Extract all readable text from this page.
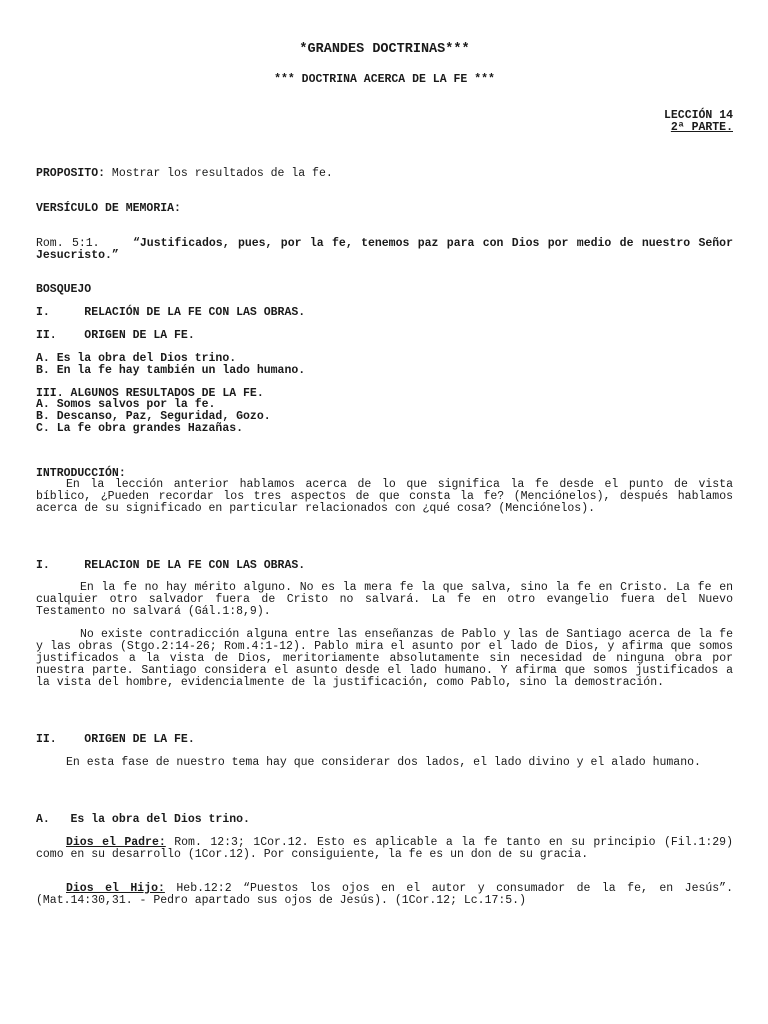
*GRANDES DOCTRINAS***
*** DOCTRINA ACERCA DE LA FE ***
LECCIÓN 14
2ª PARTE.
PROPOSITO: Mostrar los resultados de la fe.
VERSÍCULO DE MEMORIA:
Rom. 5:1.	“Justificados, pues, por la fe, tenemos paz para con Dios por medio de nuestro Señor Jesucristo.”
BOSQUEJO
I.     RELACIÓN DE LA FE CON LAS OBRAS.
II.    ORIGEN DE LA FE.
A. Es la obra del Dios trino.
B. En la fe hay también un lado humano.
III. ALGUNOS RESULTADOS DE LA FE.
A. Somos salvos por la fe.
B. Descanso, Paz, Seguridad, Gozo.
C. La fe obra grandes Hazañas.
INTRODUCCIÓN:
En la lección anterior hablamos acerca de lo que significa la fe desde el punto de vista bíblico, ¿Pueden recordar los tres aspectos de que consta la fe? (Menciónelos), después hablamos acerca de su significado en particular relacionados con ¿qué cosa? (Menciónelos).
I.     RELACION DE LA FE CON LAS OBRAS.
En la fe no hay mérito alguno. No es la mera fe la que salva, sino la fe en Cristo. La fe en cualquier otro salvador fuera de Cristo no salvará. La fe en otro evangelio fuera del Nuevo Testamento no salvará (Gál.1:8,9).
No existe contradicción alguna entre las enseñanzas de Pablo y las de Santiago acerca de la fe y las obras (Stgo.2:14-26; Rom.4:1-12). Pablo mira el asunto por el lado de Dios, y afirma que somos justificados a la vista de Dios, meritoriamente absolutamente sin necesidad de ninguna obra por nuestra parte. Santiago considera el asunto desde el lado humano. Y afirma que somos justificados a la vista del hombre, evidencialmente de la justificación, como Pablo, sino la demostración.
II.    ORIGEN DE LA FE.
En esta fase de nuestro tema hay que considerar dos lados, el lado divino y el alado humano.
A.   Es la obra del Dios trino.
Dios el Padre: Rom. 12:3; 1Cor.12. Esto es aplicable a la fe tanto en su principio (Fil.1:29) como en su desarrollo (1Cor.12). Por consiguiente, la fe es un don de su gracia.
Dios el Hijo: Heb.12:2 “Puestos los ojos en el autor y consumador de la fe, en Jesús”. (Mat.14:30,31. - Pedro apartado sus ojos de Jesús). (1Cor.12; Lc.17:5.)
